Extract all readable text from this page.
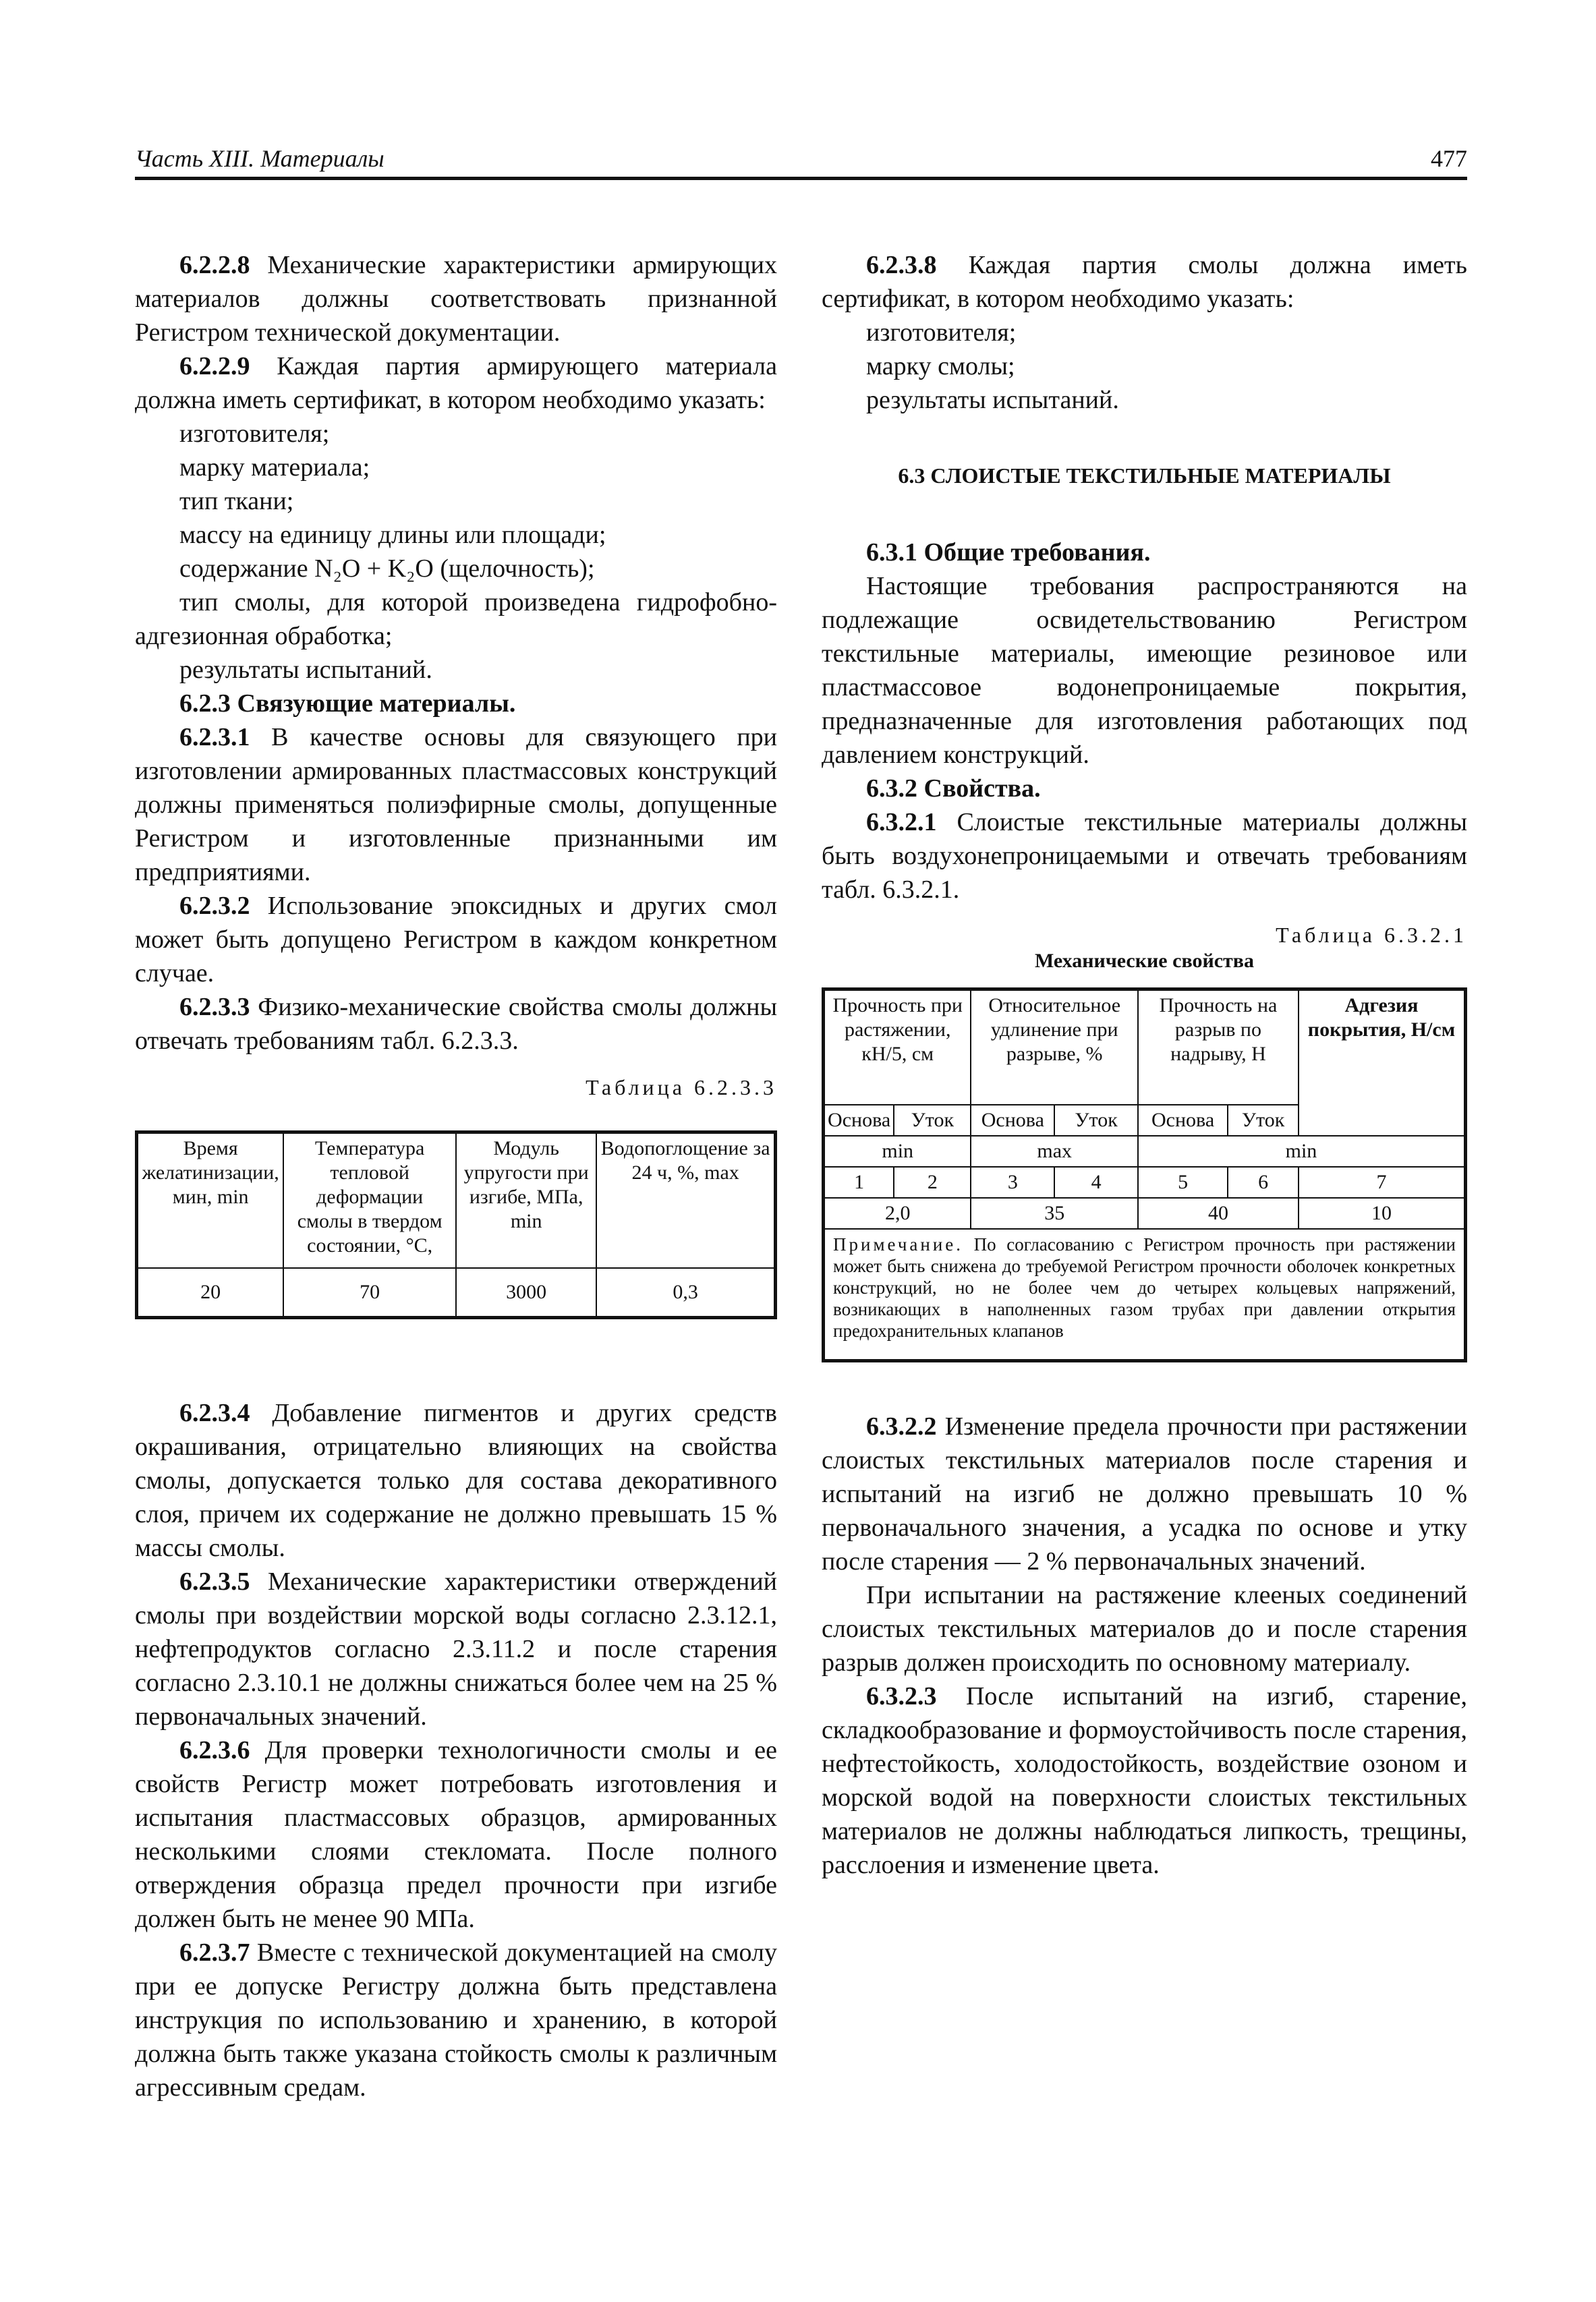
Часть XIII. Материалы	477

6.2.2.8 Механические характеристики армирующих материалов должны соответствовать признанной Регистром технической документации.

6.2.2.9 Каждая партия армирующего материала должна иметь сертификат, в котором необходимо указать:

изготовителя;

марку материала;

тип ткани;

массу на единицу длины или площади;

содержание N₂O + K₂O (щелочность);

тип смолы, для которой произведена гидрофобно-адгезионная обработка;

результаты испытаний.

6.2.3 Связующие материалы.

6.2.3.1 В качестве основы для связующего при изготовлении армированных пластмассовых конструкций должны применяться полиэфирные смолы, допущенные Регистром и изготовленные признанными им предприятиями.

6.2.3.2 Использование эпоксидных и других смол может быть допущено Регистром в каждом конкретном случае.

6.2.3.3 Физико-механические свойства смолы должны отвечать требованиям табл. 6.2.3.3.

Таблица 6.2.3.3

Время желатинизации, мин, min	Температура тепловой деформации смолы в твердом состоянии, °С,	Модуль упругости при изгибе, МПа, min	Водопоглощение за 24 ч, %, max
20	70	3000	0,3

6.2.3.4 Добавление пигментов и других средств окрашивания, отрицательно влияющих на свойства смолы, допускается только для состава декоративного слоя, причем их содержание не должно превышать 15 % массы смолы.

6.2.3.5 Механические характеристики отверждений смолы при воздействии морской воды согласно 2.3.12.1, нефтепродуктов согласно 2.3.11.2 и после старения согласно 2.3.10.1 не должны снижаться более чем на 25 % первоначальных значений.

6.2.3.6 Для проверки технологичности смолы и ее свойств Регистр может потребовать изготовления и испытания пластмассовых образцов, армированных несколькими слоями стекломата. После полного отверждения образца предел прочности при изгибе должен быть не менее 90 МПа.

6.2.3.7 Вместе с технической документацией на смолу при ее допуске Регистру должна быть представлена инструкция по использованию и хранению, в которой должна быть также указана стойкость смолы к различным агрессивным средам.

6.2.3.8 Каждая партия смолы должна иметь сертификат, в котором необходимо указать:

изготовителя;

марку смолы;

результаты испытаний.

6.3 СЛОИСТЫЕ ТЕКСТИЛЬНЫЕ МАТЕРИАЛЫ

6.3.1 Общие требования.

Настоящие требования распространяются на подлежащие освидетельствованию Регистром текстильные материалы, имеющие резиновое или пластмассовое водонепроницаемые покрытия, предназначенные для изготовления работающих под давлением конструкций.

6.3.2 Свойства.

6.3.2.1 Слоистые текстильные материалы должны быть воздухонепроницаемыми и отвечать требованиям табл. 6.3.2.1.

Таблица 6.3.2.1

Механические свойства

Прочность при растяжении, кН/5, см		Относительное удлинение при разрыве, %		Прочность на разрыв по надрыву, Н		Адгезия покрытия, Н/см
Основа	Уток	Основа	Уток	Основа	Уток	
min		max		min		
1	2	3	4	5	6	7
2,0		35		40		10
Примечание. По согласованию с Регистром прочность при растяжении может быть снижена до требуемой Регистром прочности оболочек конкретных конструкций, но не более чем до четырех кольцевых напряжений, возникающих в наполненных газом трубах при давлении открытия предохранительных клапанов						

6.3.2.2 Изменение предела прочности при растяжении слоистых текстильных материалов после старения и испытаний на изгиб не должно превышать 10 % первоначального значения, а усадка по основе и утку после старения — 2 % первоначальных значений.

При испытании на растяжение клееных соединений слоистых текстильных материалов до и после старения разрыв должен происходить по основному материалу.

6.3.2.3 После испытаний на изгиб, старение, складкообразование и формоустойчивость после старения, нефтестойкость, холодостойкость, воздействие озоном и морской водой на поверхности слоистых текстильных материалов не должны наблюдаться липкость, трещины, расслоения и изменение цвета.
